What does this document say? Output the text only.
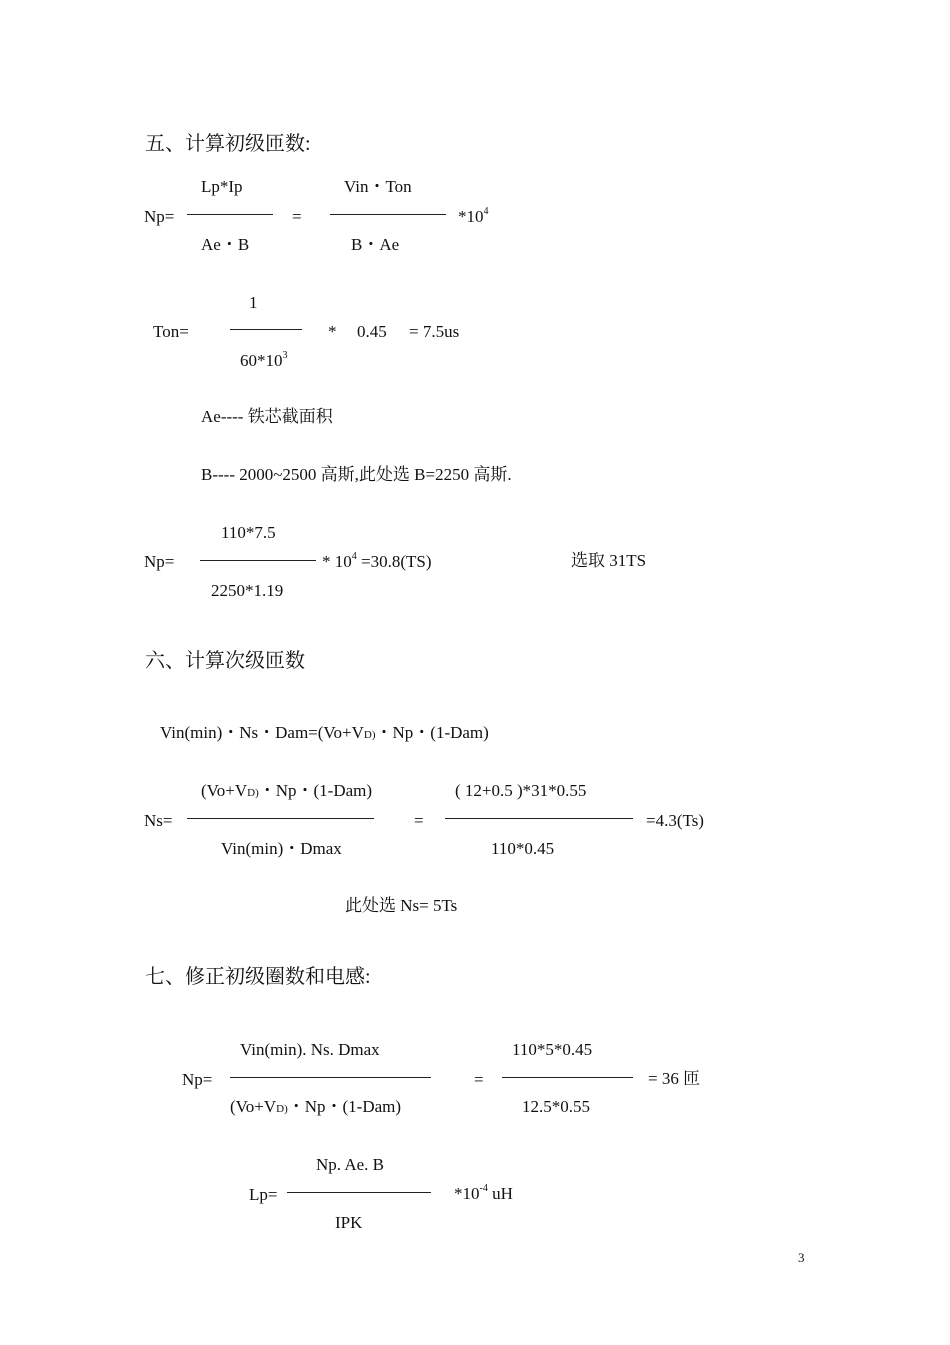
五、计算初级匝数:
Lp*Ip
Ae・B
Np=	=
Vin・Ton
B・Ae
$*10^4$
1
$60*10^3$
Ton=	* 0.45 = 7.5us
Ae---- 铁芯截面积
B---- 2000~2500 高斯,此处选 B=2250 高斯.
110*7.5
2250*1.19
Np=	* $10^4 =30.8(TS)$	选取 31TS
六、计算次级匝数
Vin(min)・Ns・Dam=(Vo+VD)・Np・(1-Dam)
(Vo+VD)・Np・(1-Dam)
Vin(min)・Dmax
Ns=	=
( 12+0.5 )*31*0.55
110*0.45
=4.3(Ts)
此处选 Ns= 5Ts
七、修正初级圈数和电感:
Vin(min). Ns. Dmax
(Vo+VD)・Np・(1-Dam)
Np=	=
110*5*0.45
12.5*0.55
= 36 匝
Np. Ae. B
IPK
Lp=	$*10^{-4}$ uH
3
